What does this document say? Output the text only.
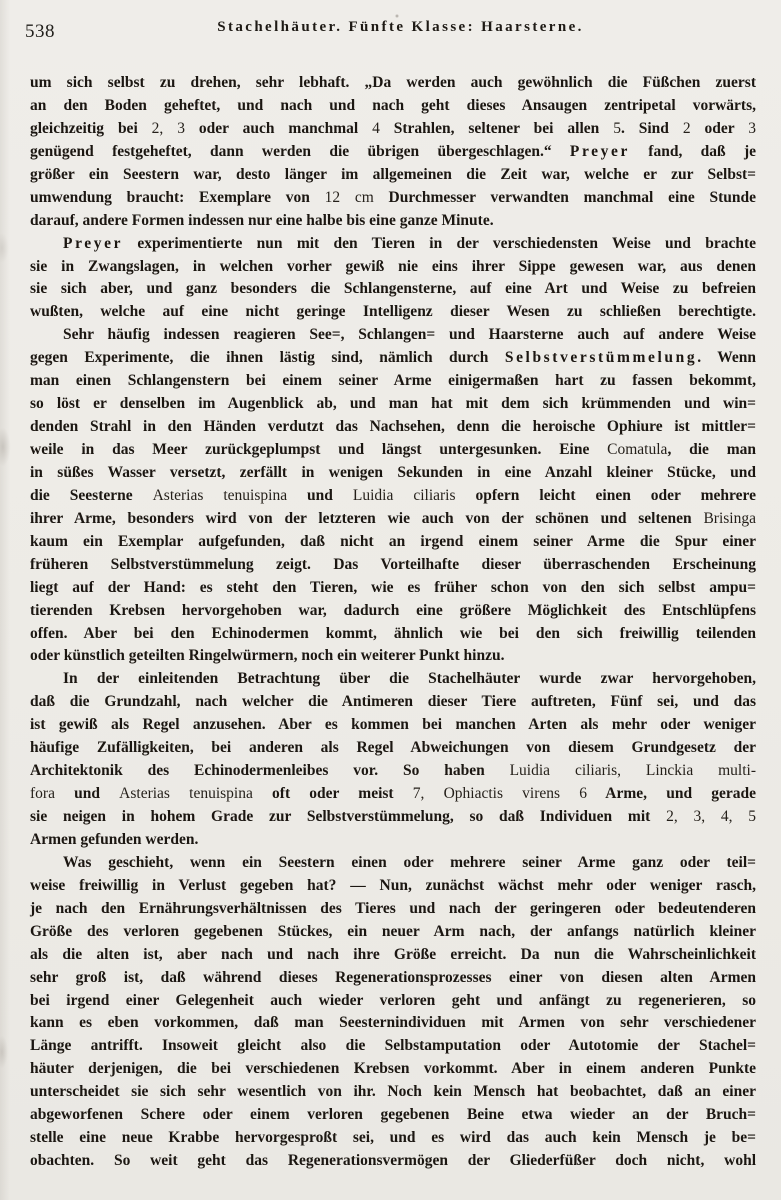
538	Stachelhäuter. Fünfte Klasse: Haarsterne.
um sich selbst zu drehen, sehr lebhaft. „Da werden auch gewöhnlich die Füßchen zuerst
an den Boden geheftet, und nach und nach geht dieses Ansaugen zentripetal vorwärts,
gleichzeitig bei 2, 3 oder auch manchmal 4 Strahlen, seltener bei allen 5. Sind 2 oder 3
genügend festgeheftet, dann werden die übrigen übergeschlagen.“ Preyer fand, daß je
größer ein Seestern war, desto länger im allgemeinen die Zeit war, welche er zur Selbst=
umwendung braucht: Exemplare von 12 cm Durchmesser verwandten manchmal eine Stunde
darauf, andere Formen indessen nur eine halbe bis eine ganze Minute.
Preyer experimentierte nun mit den Tieren in der verschiedensten Weise und brachte
sie in Zwangslagen, in welchen vorher gewiß nie eins ihrer Sippe gewesen war, aus denen
sie sich aber, und ganz besonders die Schlangensterne, auf eine Art und Weise zu befreien
wußten, welche auf eine nicht geringe Intelligenz dieser Wesen zu schließen berechtigte.
Sehr häufig indessen reagieren See=, Schlangen= und Haarsterne auch auf andere Weise
gegen Experimente, die ihnen lästig sind, nämlich durch Selbstverstümmelung. Wenn
man einen Schlangenstern bei einem seiner Arme einigermaßen hart zu fassen bekommt,
so löst er denselben im Augenblick ab, und man hat mit dem sich krümmenden und win=
denden Strahl in den Händen verdutzt das Nachsehen, denn die heroische Ophiure ist mittler=
weile in das Meer zurückgeplumpst und längst untergesunken. Eine Comatula, die man
in süßes Wasser versetzt, zerfällt in wenigen Sekunden in eine Anzahl kleiner Stücke, und
die Seesterne Asterias tenuispina und Luidia ciliaris opfern leicht einen oder mehrere
ihrer Arme, besonders wird von der letzteren wie auch von der schönen und seltenen Brisinga
kaum ein Exemplar aufgefunden, daß nicht an irgend einem seiner Arme die Spur einer
früheren Selbstverstümmelung zeigt. Das Vorteilhafte dieser überraschenden Erscheinung
liegt auf der Hand: es steht den Tieren, wie es früher schon von den sich selbst ampu=
tierenden Krebsen hervorgehoben war, dadurch eine größere Möglichkeit des Entschlüpfens
offen. Aber bei den Echinodermen kommt, ähnlich wie bei den sich freiwillig teilenden
oder künstlich geteilten Ringelwürmern, noch ein weiterer Punkt hinzu.
In der einleitenden Betrachtung über die Stachelhäuter wurde zwar hervorgehoben,
daß die Grundzahl, nach welcher die Antimeren dieser Tiere auftreten, Fünf sei, und das
ist gewiß als Regel anzusehen. Aber es kommen bei manchen Arten als mehr oder weniger
häufige Zufälligkeiten, bei anderen als Regel Abweichungen von diesem Grundgesetz der
Architektonik des Echinodermenleibes vor. So haben Luidia ciliaris, Linckia multi-
fora und Asterias tenuispina oft oder meist 7, Ophiactis virens 6 Arme, und gerade
sie neigen in hohem Grade zur Selbstverstümmelung, so daß Individuen mit 2, 3, 4, 5
Armen gefunden werden.
Was geschieht, wenn ein Seestern einen oder mehrere seiner Arme ganz oder teil=
weise freiwillig in Verlust gegeben hat? — Nun, zunächst wächst mehr oder weniger rasch,
je nach den Ernährungsverhältnissen des Tieres und nach der geringeren oder bedeutenderen
Größe des verloren gegebenen Stückes, ein neuer Arm nach, der anfangs natürlich kleiner
als die alten ist, aber nach und nach ihre Größe erreicht. Da nun die Wahrscheinlichkeit
sehr groß ist, daß während dieses Regenerationsprozesses einer von diesen alten Armen
bei irgend einer Gelegenheit auch wieder verloren geht und anfängt zu regenerieren, so
kann es eben vorkommen, daß man Seesternindividuen mit Armen von sehr verschiedener
Länge antrifft. Insoweit gleicht also die Selbstamputation oder Autotomie der Stachel=
häuter derjenigen, die bei verschiedenen Krebsen vorkommt. Aber in einem anderen Punkte
unterscheidet sie sich sehr wesentlich von ihr. Noch kein Mensch hat beobachtet, daß an einer
abgeworfenen Schere oder einem verloren gegebenen Beine etwa wieder an der Bruch=
stelle eine neue Krabbe hervorgesproßt sei, und es wird das auch kein Mensch je be=
obachten. So weit geht das Regenerationsvermögen der Gliederfüßer doch nicht, wohl
